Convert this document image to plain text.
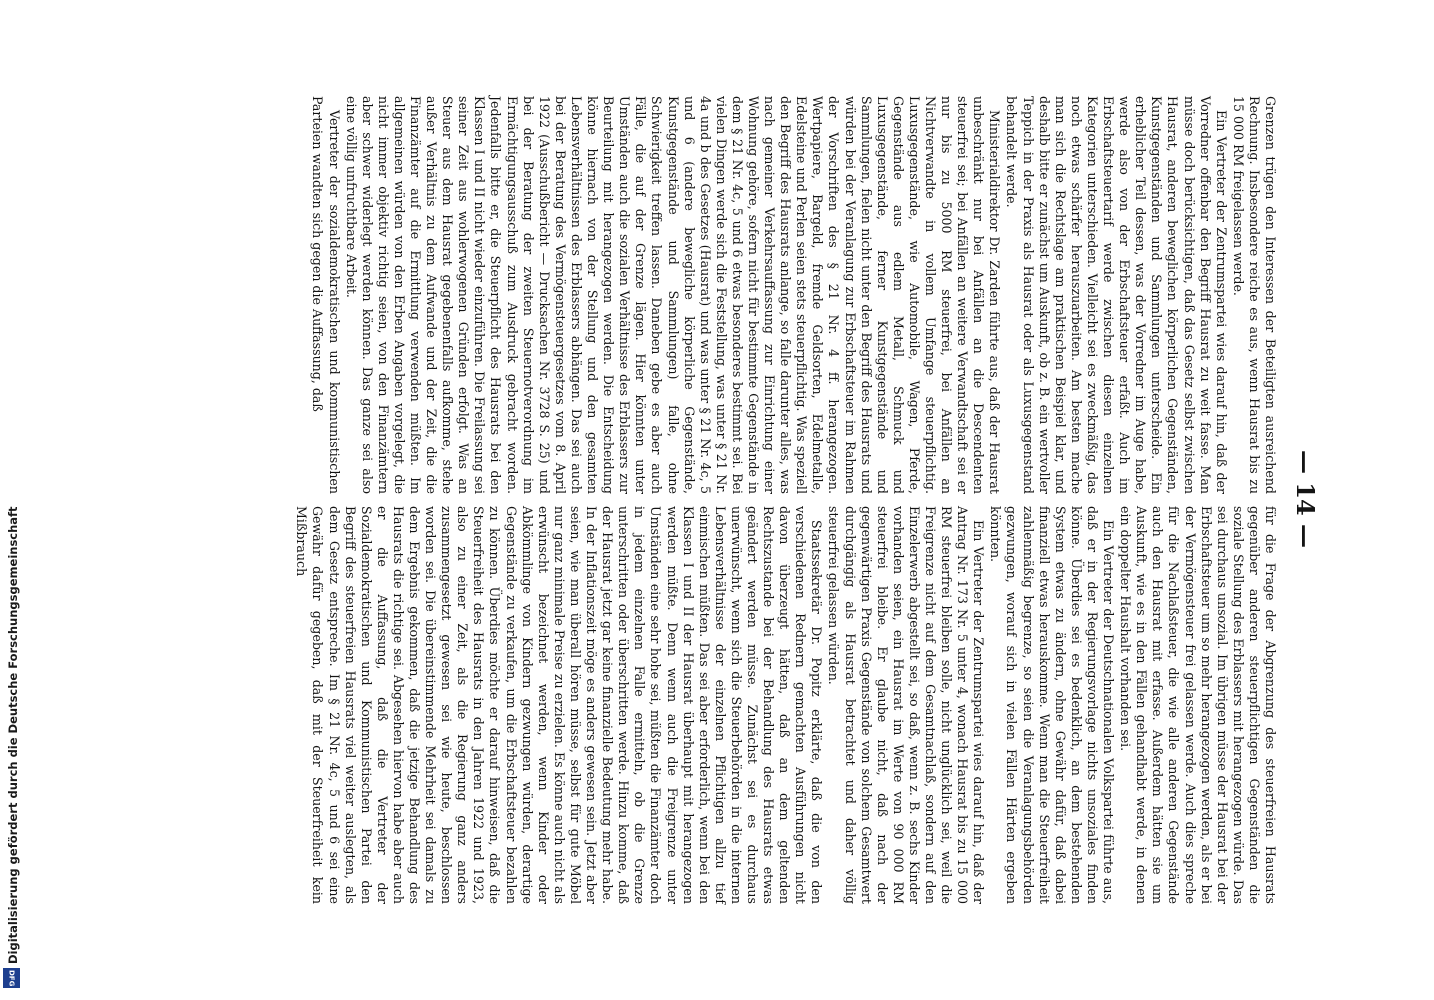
Digitalisierung gefördert durch die Deutsche Forschungsgemeinschaft
DFG
— 14 —

Grenzen trügen den Interessen der Beteiligten ausreichend Rechnung. Insbesondere reiche es aus, wenn Hausrat bis zu 15 000 RM freigelassen werde.

Ein Vertreter der Zentrumspartei wies darauf hin, daß der Vorredner offenbar den Begriff Hausrat zu weit fasse. Man müsse doch berücksichtigen, daß das Gesetz selbst zwischen Hausrat, anderen beweglichen körperlichen Gegenständen, Kunstgegenständen und Sammlungen unterscheide. Ein erheblicher Teil dessen, was der Vorredner im Auge habe, werde also von der Erbschaftsteuer erfaßt. Auch im Erbschaftsteuertarif werde zwischen diesen einzelnen Kategorien unterschieden. Vielleicht sei es zweckmäßig, das noch etwas schärfer herauszuarbeiten. Am besten mache man sich die Rechtslage am praktischen Beispiel klar, und deshalb bitte er zunächst um Auskunft, ob z. B. ein wertvoller Teppich in der Praxis als Hausrat oder als Luxusgegenstand behandelt werde.

Ministerialdirektor Dr. Zarden führte aus, daß der Hausrat unbeschränkt nur bei Anfällen an die Descendenten steuerfrei sei; bei Anfällen an weitere Verwandtschaft sei er nur bis zu 5000 RM steuerfrei, bei Anfällen an Nichtverwandte in vollem Umfange steuerpflichtig. Luxusgegenstände, wie Automobile, Wagen, Pferde, Gegenstände aus edlem Metall, Schmuck und Luxusgegenstände, ferner Kunstgegenstände und Sammlungen, fielen nicht unter den Begriff des Hausrats und würden bei der Veranlagung zur Erbschaftsteuer im Rahmen der Vorschriften des § 21 Nr. 4 ff. herangezogen. Wertpapiere, Bargeld, fremde Geldsorten, Edelmetalle, Edelsteine und Perlen seien stets steuerpflichtig. Was speziell den Begriff des Hausrats anlange, so falle darunter alles, was nach gemeiner Verkehrsauffassung zur Einrichtung einer Wohnung gehöre, sofern nicht für bestimmte Gegenstände in dem § 21 Nr. 4c, 5 und 6 etwas besonderes bestimmt sei. Bei vielen Dingen werde sich die Feststellung, was unter § 21 Nr. 4a und b des Gesetzes (Hausrat) und was unter § 21 Nr. 4c, 5 und 6 (andere bewegliche körperliche Gegenstände, Kunstgegenstände und Sammlungen) falle, ohne Schwierigkeit treffen lassen. Daneben gebe es aber auch Fälle, die auf der Grenze lägen. Hier könnten unter Umständen auch die sozialen Verhältnisse des Erblassers zur Beurteilung mit herangezogen werden. Die Entscheidung könne hiernach von der Stellung und den gesamten Lebensverhältnissen des Erblassers abhängen. Das sei auch bei der Beratung des Vermögensteuergesetzes vom 8. April 1922 (Ausschußbericht — Drucksachen Nr. 3728 S. 25) und bei der Beratung der zweiten Steuernotverordnung im Ermächtigungsausschuß zum Ausdruck gebracht worden. Jedenfalls bitte er, die Steuerpflicht des Hausrats bei den Klassen I und II nicht wieder einzuführen. Die Freilassung sei seiner Zeit aus wohlerwogenen Gründen erfolgt. Was an Steuer aus dem Hausrat gegebenenfalls aufkomme, stehe außer Verhältnis zu dem Aufwande und der Zeit, die die Finanzämter auf die Ermittlung verwenden müßten. Im allgemeinen würden von den Erben Angaben vorgelegt, die nicht immer objektiv richtig seien, von den Finanzämtern aber schwer widerlegt werden können. Das ganze sei also eine völlig unfruchtbare Arbeit.

Vertreter der sozialdemokratischen und kommunistischen Parteien wandten sich gegen die Auffassung, daß

für die Frage der Abgrenzung des steuerfreien Hausrats gegenüber anderen steuerpflichtigen Gegenständen die soziale Stellung des Erblassers mit herangezogen würde. Das sei durchaus unsozial. Im übrigen müsse der Hausrat bei der Erbschaftsteuer um so mehr herangezogen werden, als er bei der Vermögensteuer frei gelassen werde. Auch dies spreche für die Nachlaßsteuer, die wie alle anderen Gegenstände auch den Hausrat mit erfasse. Außerdem hätten sie um Auskunft, wie es in den Fällen gehandhabt werde, in denen ein doppelter Haushalt vorhanden sei.

Ein Vertreter der Deutschnationalen Volkspartei führte aus, daß er in der Regierungsvorlage nichts unsoziales finden könne. Überdies sei es bedenklich, an dem bestehenden System etwas zu ändern, ohne Gewähr dafür, daß dabei finanziell etwas herauskomme. Wenn man die Steuerfreiheit zahlenmäßig begrenze, so seien die Veranlagungsbehörden gezwungen, worauf sich in vielen Fällen Härten ergeben könnten.

Ein Vertreter der Zentrumspartei wies darauf hin, daß der Antrag Nr. 173 Nr. 5 unter 4, wonach Hausrat bis zu 15 000 RM steuerfrei bleiben solle, nicht unglücklich sei, weil die Freigrenze nicht auf dem Gesamtnachlaß, sondern auf den Einzelerwerb abgestellt sei, so daß, wenn z. B. sechs Kinder vorhanden seien, ein Hausrat im Werte von 90 000 RM steuerfrei bleibe. Er glaube nicht, daß nach der gegenwärtigen Praxis Gegenstände von solchem Gesamtwert durchgängig als Hausrat betrachtet und daher völlig steuerfrei gelassen würden.

Staatssekretär Dr. Popitz erklärte, daß die von den verschiedenen Rednern gemachten Ausführungen nicht davon überzeugt hätten, daß an dem geltenden Rechtszustande bei der Behandlung des Hausrats etwas geändert werden müsse. Zunächst sei es durchaus unerwünscht, wenn sich die Steuerbehörden in die internen Lebensverhältnisse der einzelnen Pflichtigen allzu tief einmischen müßten. Das sei aber erforderlich, wenn bei den Klassen I und II der Hausrat überhaupt mit herangezogen werden müßte. Denn wenn auch die Freigrenze unter Umständen eine sehr hohe sei, müßten die Finanzämter doch in jedem einzelnen Falle ermitteln, ob die Grenze unterschritten oder überschritten werde. Hinzu komme, daß der Hausrat jetzt gar keine finanzielle Bedeutung mehr habe. In der Inflationszeit möge es anders gewesen sein. Jetzt aber seien, wie man überall hören müsse, selbst für gute Möbel nur ganz minimale Preise zu erzielen. Es könne auch nicht als erwünscht bezeichnet werden, wenn Kinder oder Abkömmlinge von Kindern gezwungen würden, derartige Gegenstände zu verkaufen, um die Erbschaftsteuer bezahlen zu können. Überdies möchte er darauf hinweisen, daß die Steuerfreiheit des Hausrats in den Jahren 1922 und 1923, also zu einer Zeit, als die Regierung ganz anders zusammengesetzt gewesen sei wie heute, beschlossen worden sei. Die übereinstimmende Mehrheit sei damals zu dem Ergebnis gekommen, daß die jetzige Behandlung des Hausrats die richtige sei. Abgesehen hiervon habe aber auch er die Auffassung, daß die Vertreter der Sozialdemokratischen und Kommunistischen Partei den Begriff des steuerfreien Hausrats viel weiter auslegten, als dem Gesetz entspreche. Im § 21 Nr. 4c, 5 und 6 sei eine Gewähr dafür gegeben, daß mit der Steuerfreiheit kein Mißbrauch
